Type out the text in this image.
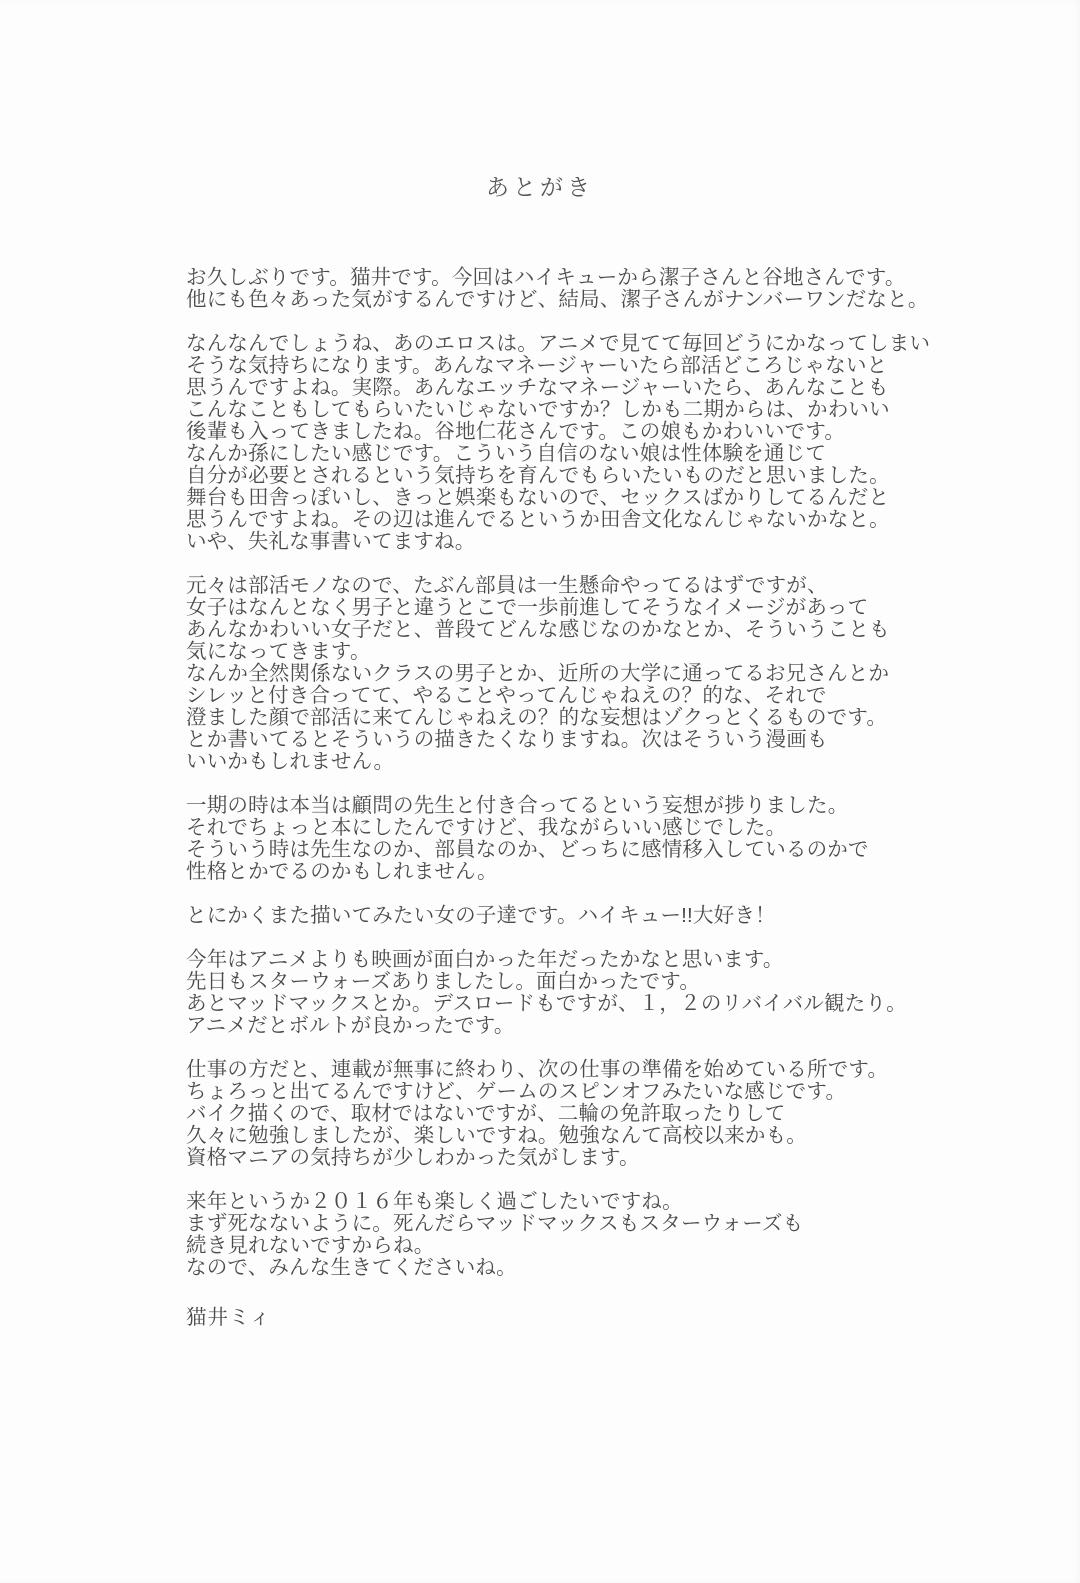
あとがき
お久しぶりです。猫井です。今回はハイキューから潔子さんと谷地さんです。
他にも色々あった気がするんですけど、結局、潔子さんがナンバーワンだなと。
なんなんでしょうね、あのエロスは。アニメで見てて毎回どうにかなってしまい
そうな気持ちになります。あんなマネージャーいたら部活どころじゃないと
思うんですよね。実際。あんなエッチなマネージャーいたら、あんなことも
こんなこともしてもらいたいじゃないですか？しかも二期からは、かわいい
後輩も入ってきましたね。谷地仁花さんです。この娘もかわいいです。
なんか孫にしたい感じです。こういう自信のない娘は性体験を通じて
自分が必要とされるという気持ちを育んでもらいたいものだと思いました。
舞台も田舎っぽいし、きっと娯楽もないので、セックスばかりしてるんだと
思うんですよね。その辺は進んでるというか田舎文化なんじゃないかなと。
いや、失礼な事書いてますね。
元々は部活モノなので、たぶん部員は一生懸命やってるはずですが、
女子はなんとなく男子と違うとこで一歩前進してそうなイメージがあって
あんなかわいい女子だと、普段てどんな感じなのかなとか、そういうことも
気になってきます。
なんか全然関係ないクラスの男子とか、近所の大学に通ってるお兄さんとか
シレッと付き合ってて、やることやってんじゃねえの？的な、それで
澄ました顔で部活に来てんじゃねえの？的な妄想はゾクっとくるものです。
とか書いてるとそういうの描きたくなりますね。次はそういう漫画も
いいかもしれません。
一期の時は本当は顧問の先生と付き合ってるという妄想が捗りました。
それでちょっと本にしたんですけど、我ながらいい感じでした。
そういう時は先生なのか、部員なのか、どっちに感情移入しているのかで
性格とかでるのかもしれません。
とにかくまた描いてみたい女の子達です。ハイキュー!!大好き！
今年はアニメよりも映画が面白かった年だったかなと思います。
先日もスターウォーズありましたし。面白かったです。
あとマッドマックスとか。デスロードもですが、１，２のリバイバル観たり。
アニメだとボルトが良かったです。
仕事の方だと、連載が無事に終わり、次の仕事の準備を始めている所です。
ちょろっと出てるんですけど、ゲームのスピンオフみたいな感じです。
バイク描くので、取材ではないですが、二輪の免許取ったりして
久々に勉強しましたが、楽しいですね。勉強なんて高校以来かも。
資格マニアの気持ちが少しわかった気がします。
来年というか２０１６年も楽しく過ごしたいですね。
まず死なないように。死んだらマッドマックスもスターウォーズも
続き見れないですからね。
なので、みんな生きてくださいね。
猫井ミィ
